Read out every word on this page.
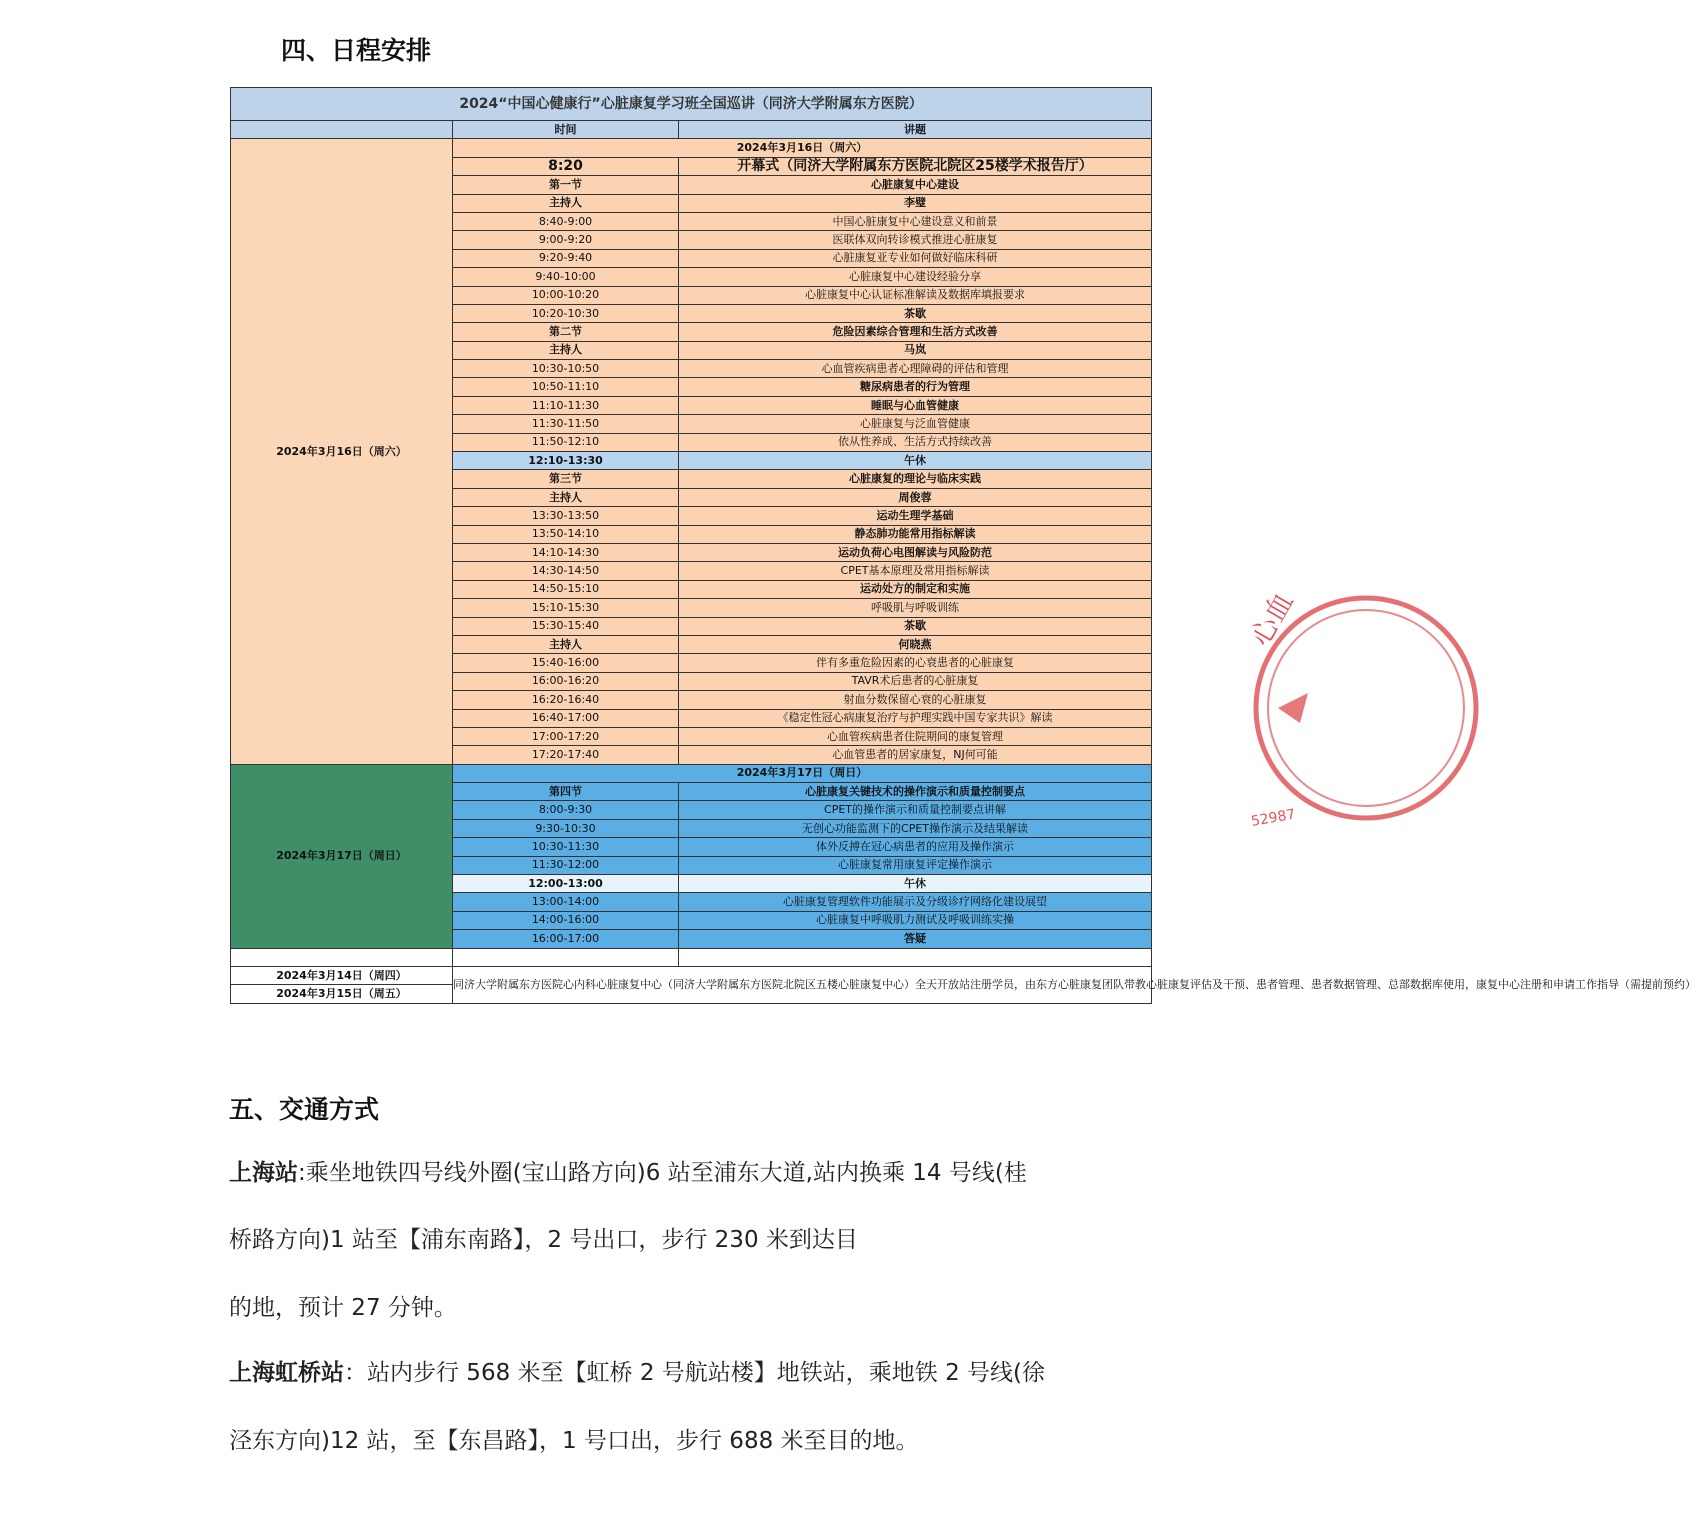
四、日程安排
2024“中国心健康行”心脏康复学习班全国巡讲（同济大学附属东方医院）		
	时间	讲题
2024年3月16日（周六）	2024年3月16日（周六）	
	8:20	开幕式（同济大学附属东方医院北院区25楼学术报告厅）
	第一节	心脏康复中心建设
	主持人	李璧
	8:40-9:00	中国心脏康复中心建设意义和前景
	9:00-9:20	医联体双向转诊模式推进心脏康复
	9:20-9:40	心脏康复亚专业如何做好临床科研
	9:40-10:00	心脏康复中心建设经验分享
	10:00-10:20	心脏康复中心认证标准解读及数据库填报要求
	10:20-10:30	茶歇
	第二节	危险因素综合管理和生活方式改善
	主持人	马岚
	10:30-10:50	心血管疾病患者心理障碍的评估和管理
	10:50-11:10	糖尿病患者的行为管理
	11:10-11:30	睡眠与心血管健康
	11:30-11:50	心脏康复与泛血管健康
	11:50-12:10	依从性养成、生活方式持续改善
	12:10-13:30	午休
	第三节	心脏康复的理论与临床实践
	主持人	周俊蓉
	13:30-13:50	运动生理学基础
	13:50-14:10	静态肺功能常用指标解读
	14:10-14:30	运动负荷心电图解读与风险防范
	14:30-14:50	CPET基本原理及常用指标解读
	14:50-15:10	运动处方的制定和实施
	15:10-15:30	呼吸肌与呼吸训练
	15:30-15:40	茶歇
	主持人	何晓燕
	15:40-16:00	伴有多重危险因素的心衰患者的心脏康复
	16:00-16:20	TAVR术后患者的心脏康复
	16:20-16:40	射血分数保留心衰的心脏康复
	16:40-17:00	《稳定性冠心病康复治疗与护理实践中国专家共识》解读
	17:00-17:20	心血管疾病患者住院期间的康复管理
	17:20-17:40	心血管患者的居家康复，NJ何可能
2024年3月17日（周日）	2024年3月17日（周日）	
	第四节	心脏康复关键技术的操作演示和质量控制要点
	8:00-9:30	CPET的操作演示和质量控制要点讲解
	9:30-10:30	无创心功能监测下的CPET操作演示及结果解读
	10:30-11:30	体外反搏在冠心病患者的应用及操作演示
	11:30-12:00	心脏康复常用康复评定操作演示
	12:00-13:00	午休
	13:00-14:00	心脏康复管理软件功能展示及分级诊疗网络化建设展望
	14:00-16:00	心脏康复中呼吸肌力测试及呼吸训练实操
	16:00-17:00	答疑

2024年3月14日（周四）	同济大学附属东方医院心内科心脏康复中心（同济大学附属东方医院北院区五楼心脏康复中心）全天开放站注册学员，由东方心脏康复团队带教心脏康复评估及干预、患者管理、患者数据管理、总部数据库使用，康复中心注册和申请工作指导（需提前预约）	
2024年3月15日（周五）		
五、交通方式
上海站:乘坐地铁四号线外圈(宝山路方向)6 站至浦东大道,站内换乘 14 号线(桂
桥路方向)1 站至【浦东南路】，2 号出口，步行 230 米到达目
的地，预计 27 分钟。
上海虹桥站：站内步行 568 米至【虹桥 2 号航站楼】地铁站，乘地铁 2 号线(徐
泾东方向)12 站，至【东昌路】，1 号口出，步行 688 米至目的地。
心血
52987
